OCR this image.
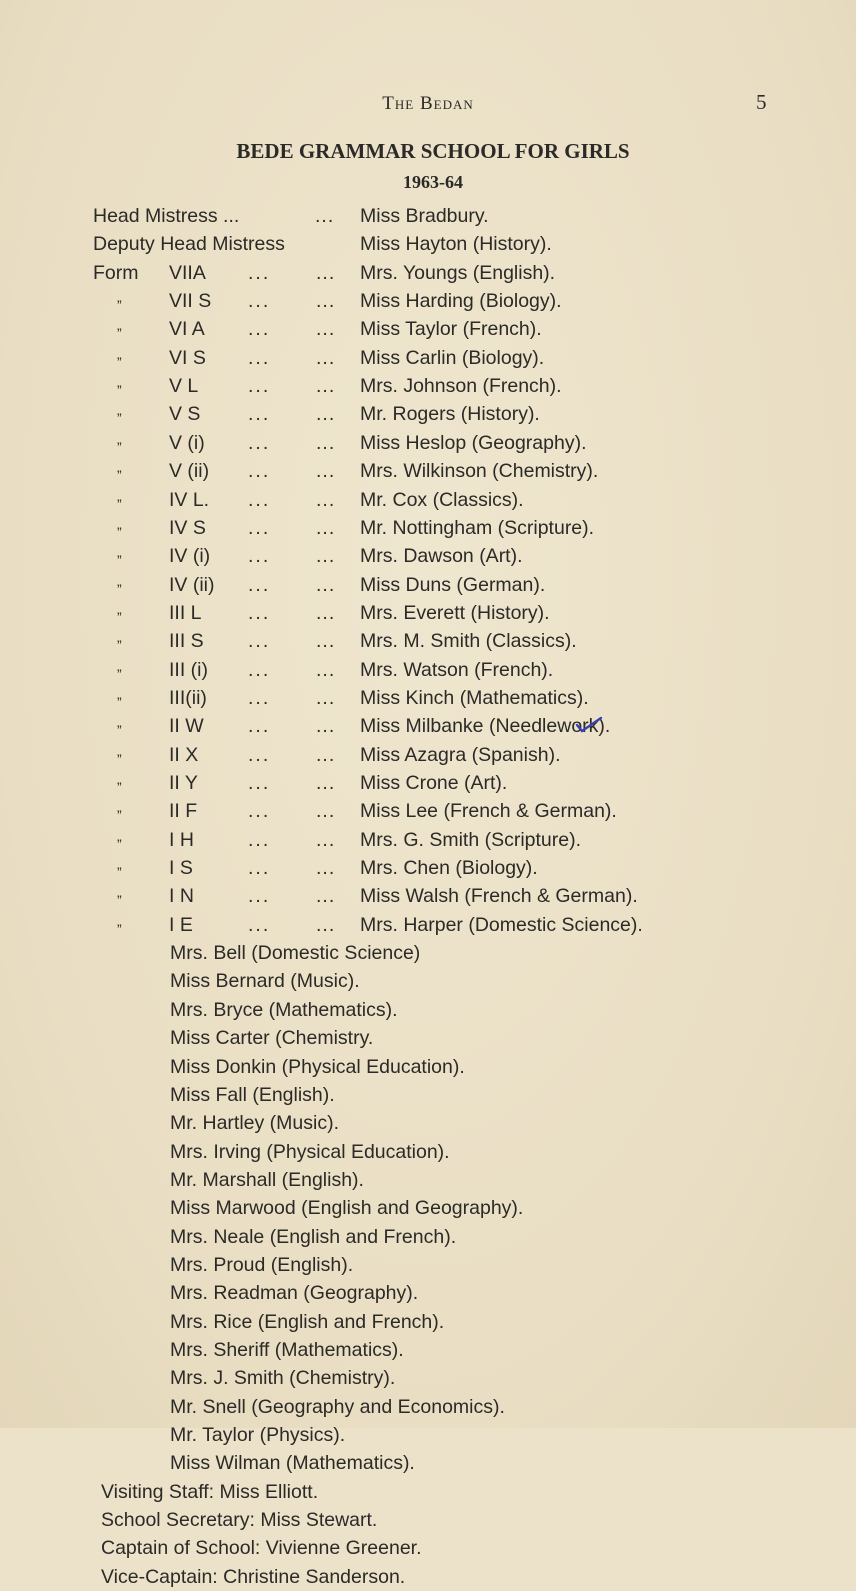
The Bedan	5
BEDE GRAMMAR SCHOOL FOR GIRLS
1963-64
Head Mistress ...	... Miss Bradbury.
Deputy Head Mistress	Miss Hayton (History).
Form VIIA ... ... Mrs. Youngs (English).
” VII S ... ... Miss Harding (Biology).
” VI A ... ... Miss Taylor (French).
” VI S ... ... Miss Carlin (Biology).
” V L	... ... Mrs. Johnson (French).
” V S ... ... Mr. Rogers (History).
” V (i) ... ... Miss Heslop (Geography).
” V (ii) ... ... Mrs. Wilkinson (Chemistry).
” IV L. ... ... Mr. Cox (Classics).
” IV S ... ... Mr. Nottingham (Scripture).
” IV (i) ... ... Mrs. Dawson (Art).
” IV (ii) ... ... Miss Duns (German).
” III L ... ... Mrs. Everett (History).
” III S ... ... Mrs. M. Smith (Classics).
” III (i) ... ... Mrs. Watson (French).
” III(ii) ... ... Miss Kinch (Mathematics).
” II W ... ... Miss Milbanke (Needlework).
” II X	... ... Miss Azagra (Spanish).
” II Y	... ... Miss Crone (Art).
” II F	... ... Miss Lee (French & German).
” I H	... ... Mrs. G. Smith (Scripture).
” I S	... ... Mrs. Chen (Biology).
” I N	... ... Miss Walsh (French & German).
” I E	... ... Mrs. Harper (Domestic Science).
Mrs. Bell (Domestic Science)
Miss Bernard (Music).
Mrs. Bryce (Mathematics).
Miss Carter (Chemistry.
Miss Donkin (Physical Education).
Miss Fall (English).
Mr. Hartley (Music).
Mrs. Irving (Physical Education).
Mr. Marshall (English).
Miss Marwood (English and Geography).
Mrs. Neale (English and French).
Mrs. Proud (English).
Mrs. Readman (Geography).
Mrs. Rice (English and French).
Mrs. Sheriff (Mathematics).
Mrs. J. Smith (Chemistry).
Mr. Snell (Geography and Economics).
Mr. Taylor (Physics).
Miss Wilman (Mathematics).
Visiting Staff: Miss Elliott.
School Secretary: Miss Stewart.
Captain of School: Vivienne Greener.
Vice-Captain: Christine Sanderson.
